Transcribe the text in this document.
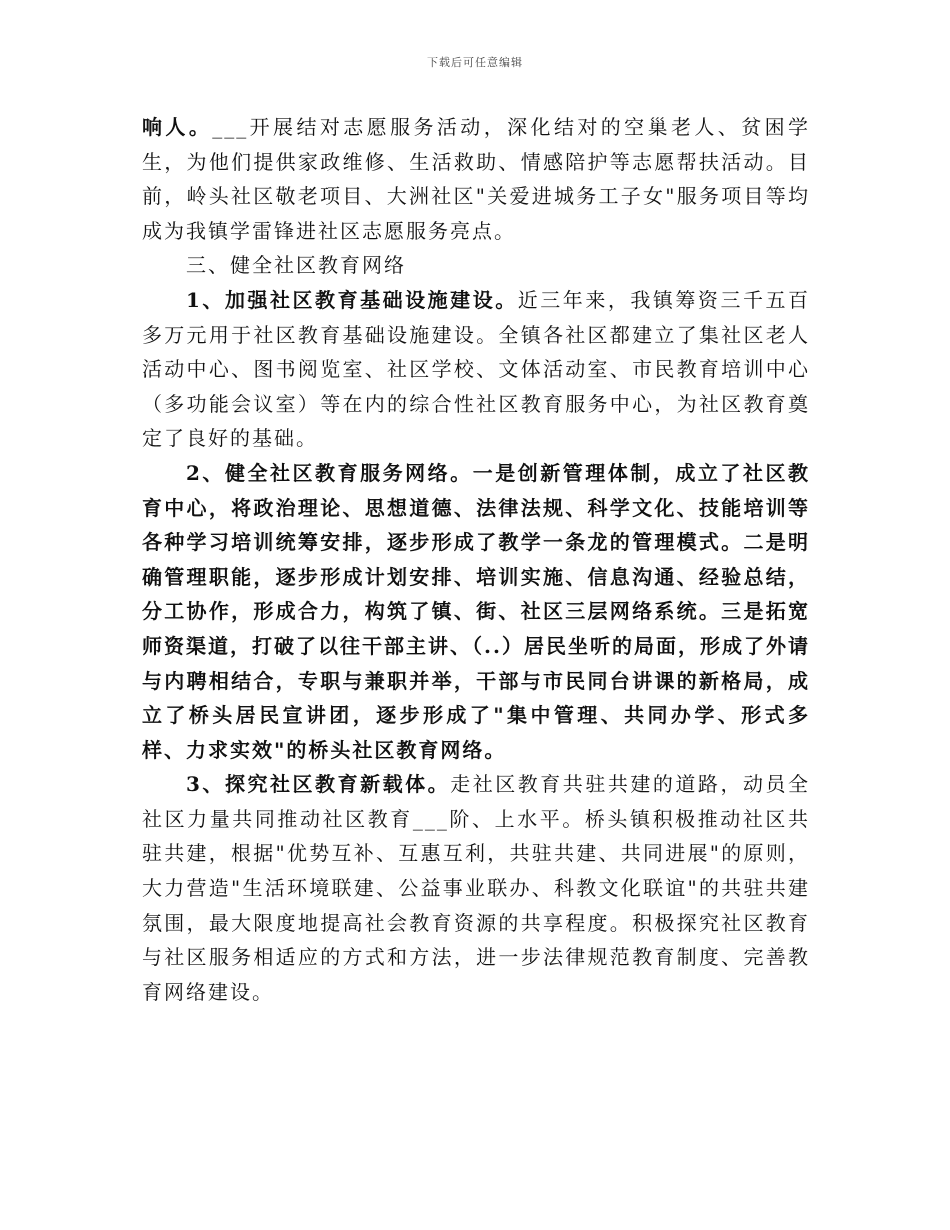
下载后可任意编辑

响人。___开展结对志愿服务活动，深化结对的空巢老人、贫困学生，为他们提供家政维修、生活救助、情感陪护等志愿帮扶活动。目前，岭头社区敬老项目、大洲社区"关爱进城务工子女"服务项目等均成为我镇学雷锋进社区志愿服务亮点。

三、健全社区教育网络

1、加强社区教育基础设施建设。近三年来，我镇筹资三千五百多万元用于社区教育基础设施建设。全镇各社区都建立了集社区老人活动中心、图书阅览室、社区学校、文体活动室、市民教育培训中心（多功能会议室）等在内的综合性社区教育服务中心，为社区教育奠定了良好的基础。

2、健全社区教育服务网络。一是创新管理体制，成立了社区教育中心，将政治理论、思想道德、法律法规、科学文化、技能培训等各种学习培训统筹安排，逐步形成了教学一条龙的管理模式。二是明确管理职能，逐步形成计划安排、培训实施、信息沟通、经验总结，分工协作，形成合力，构筑了镇、街、社区三层网络系统。三是拓宽师资渠道，打破了以往干部主讲、（..）居民坐听的局面，形成了外请与内聘相结合，专职与兼职并举，干部与市民同台讲课的新格局，成立了桥头居民宣讲团，逐步形成了"集中管理、共同办学、形式多样、力求实效"的桥头社区教育网络。

3、探究社区教育新载体。走社区教育共驻共建的道路，动员全社区力量共同推动社区教育___阶、上水平。桥头镇积极推动社区共驻共建，根据"优势互补、互惠互利，共驻共建、共同进展"的原则，大力营造"生活环境联建、公益事业联办、科教文化联谊"的共驻共建氛围，最大限度地提高社会教育资源的共享程度。积极探究社区教育与社区服务相适应的方式和方法，进一步法律规范教育制度、完善教育网络建设。
